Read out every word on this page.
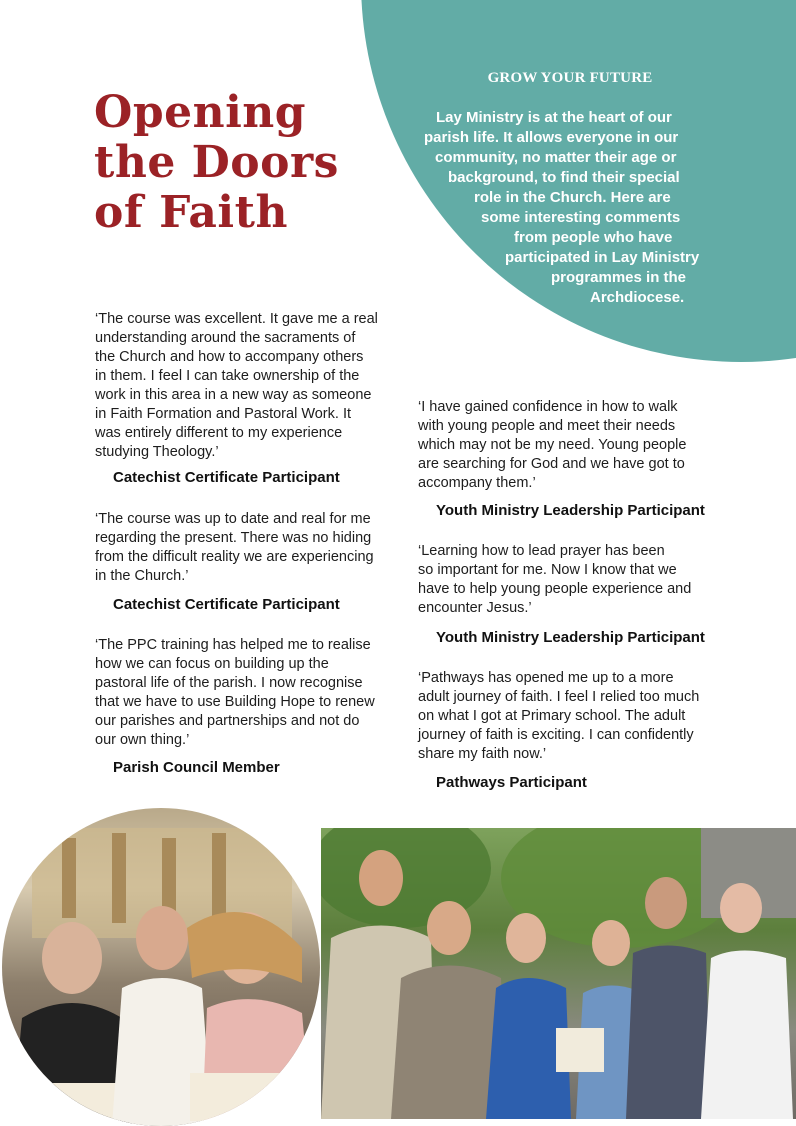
Opening
the Doors
of Faith
GROW YOUR FUTURE
Lay Ministry is at the heart of our
parish life. It allows everyone in our
community, no matter their age or
background, to find their special
role in the Church. Here are
some interesting comments
from people who have
participated in Lay Ministry
programmes in the
Archdiocese.
‘The course was excellent. It gave me a real
understanding around the sacraments of
the Church and how to accompany others
in them. I feel I can take ownership of the
work in this area in a new way as someone
in Faith Formation and Pastoral Work. It
was entirely different to my experience
studying Theology.’
Catechist Certificate Participant
‘The course was up to date and real for me
regarding the present. There was no hiding
from the difficult reality we are experiencing
in the Church.’
Catechist Certificate Participant
‘The PPC training has helped me to realise
how we can focus on building up the
pastoral life of the parish. I now recognise
that we have to use Building Hope to renew
our parishes and partnerships and not do
our own thing.’
Parish Council Member
‘I have gained confidence in how to walk
with young people and meet their needs
which may not be my need. Young people
are searching for God and we have got to
accompany them.’
Youth Ministry Leadership Participant
‘Learning how to lead prayer has been
so important for me. Now I know that we
have to help young people experience and
encounter Jesus.’
Youth Ministry Leadership Participant
‘Pathways has opened me up to a more
adult journey of faith. I feel I relied too much
on what I got at Primary school. The adult
journey of faith is exciting. I can confidently
share my faith now.’
Pathways Participant
